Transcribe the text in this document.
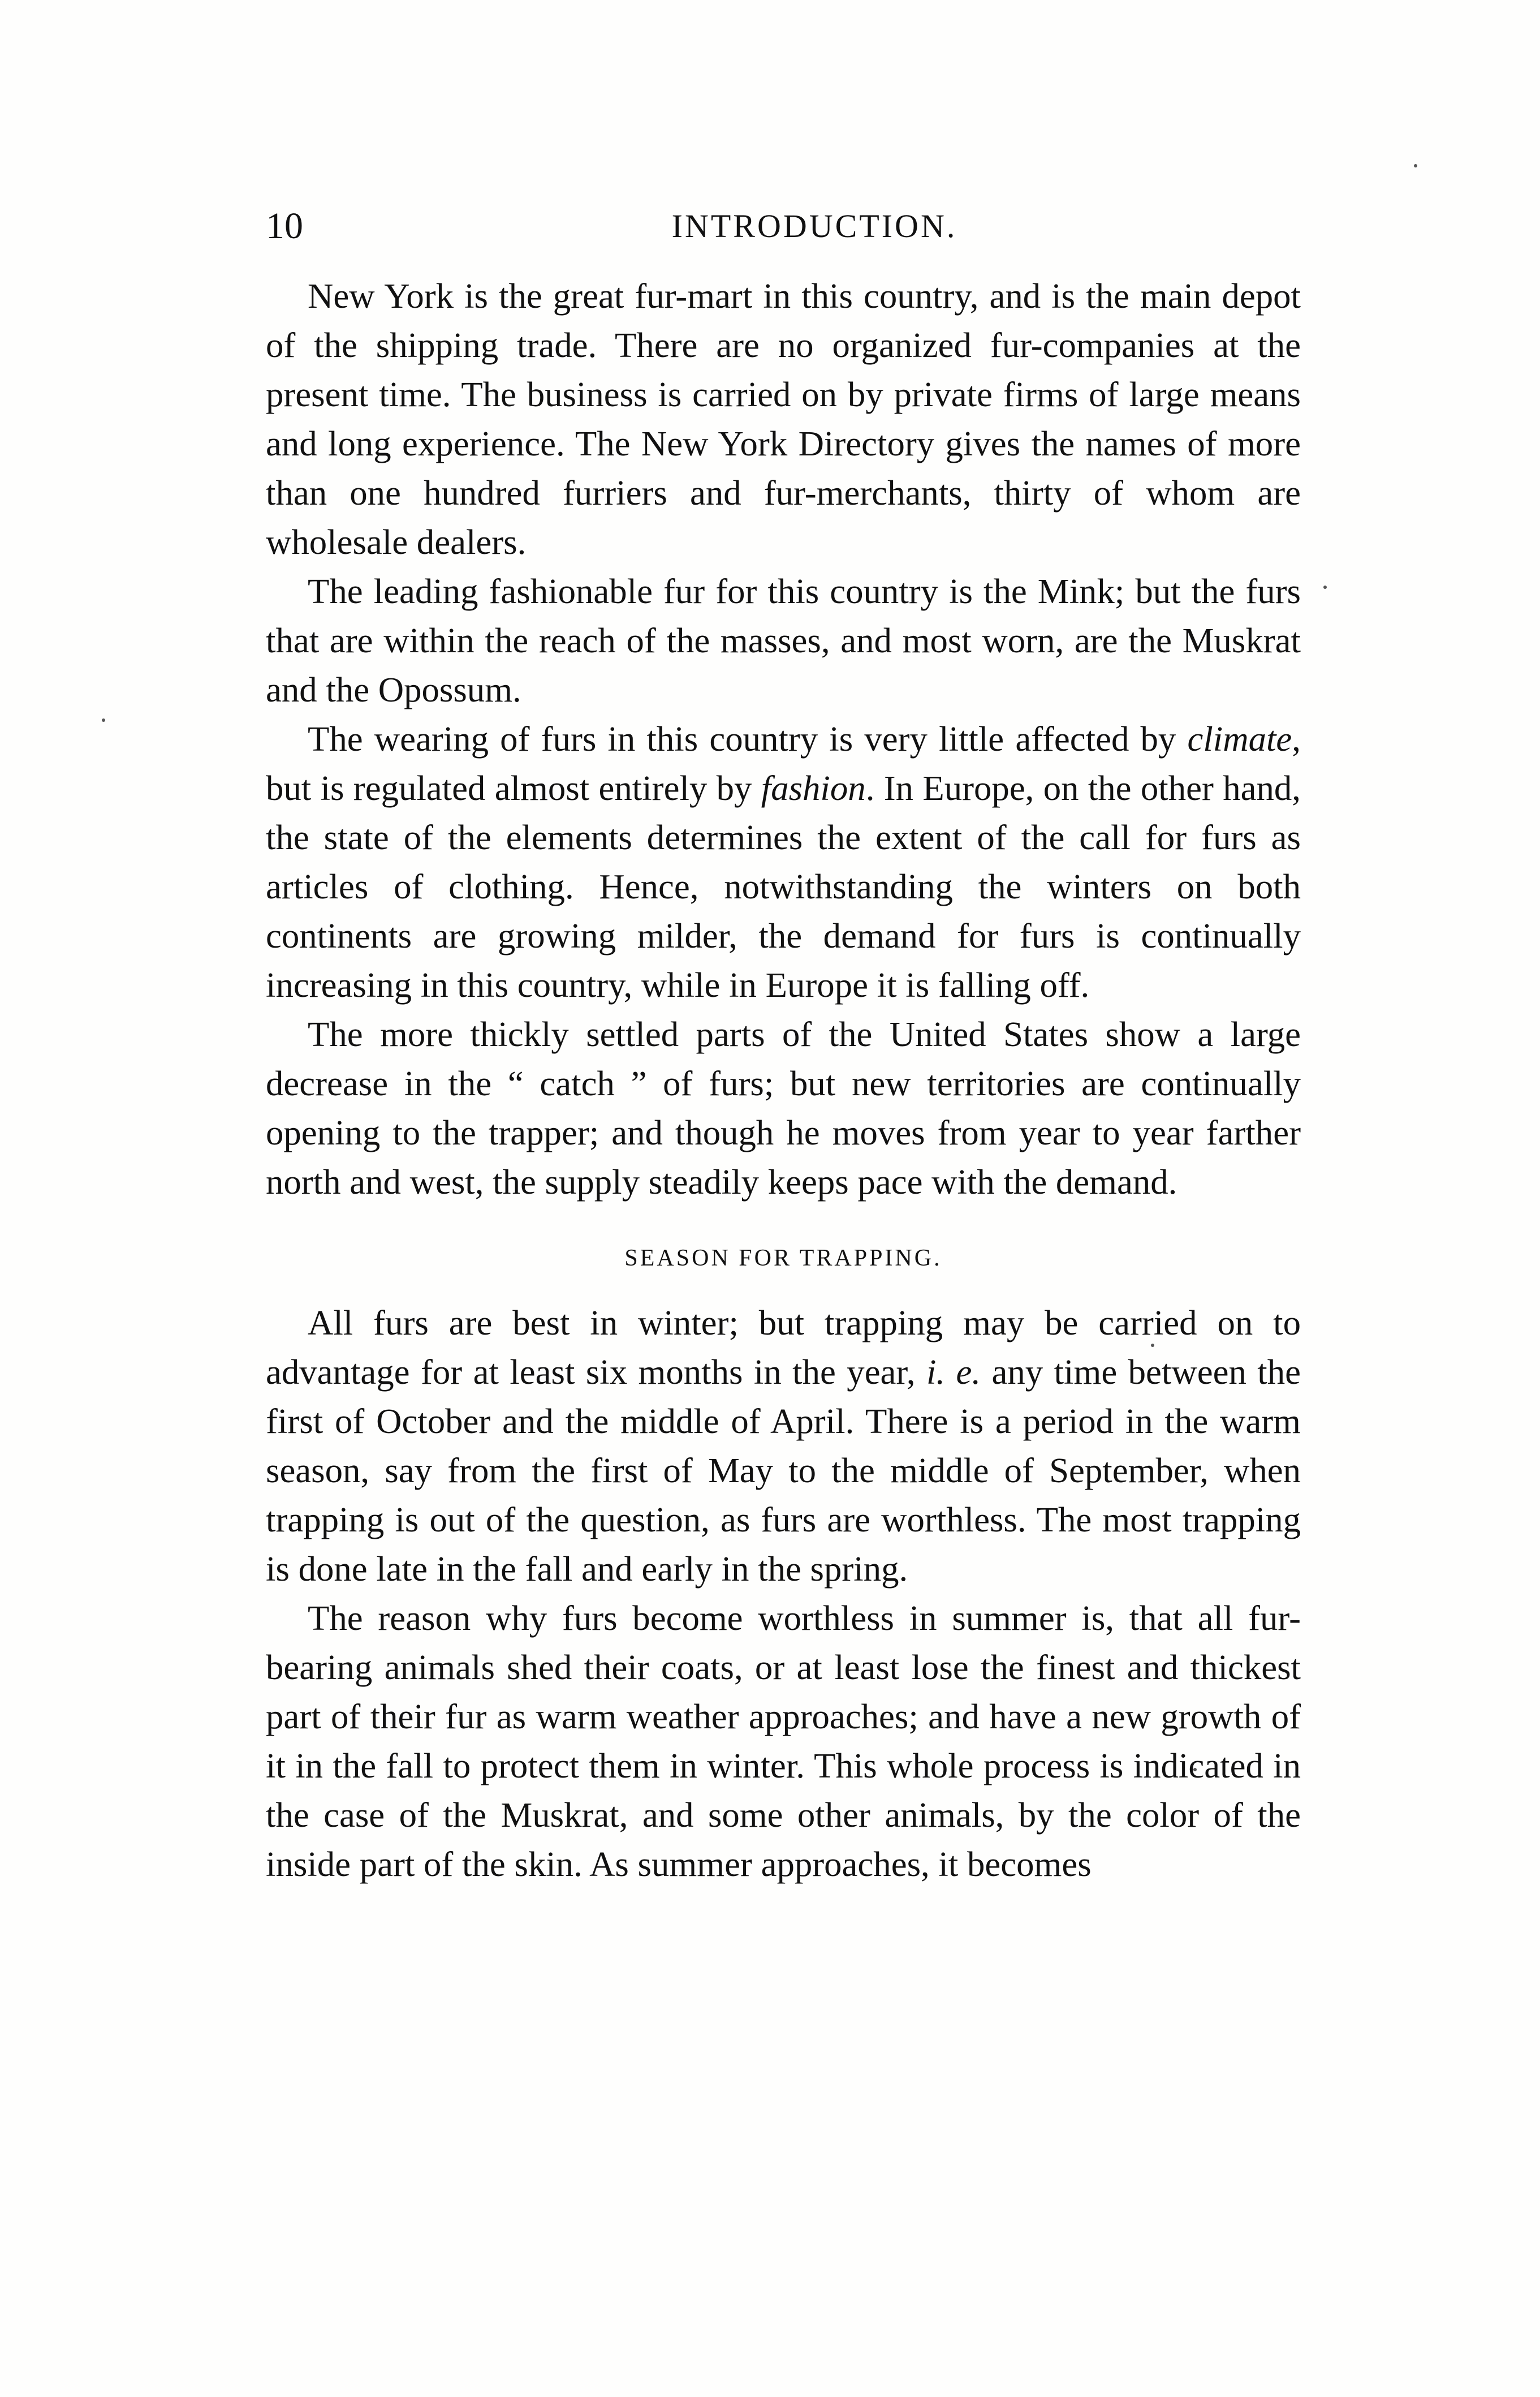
10	INTRODUCTION.

New York is the great fur-mart in this country, and is the main depot of the shipping trade. There are no organized fur-companies at the present time. The business is carried on by private firms of large means and long experience. The New York Directory gives the names of more than one hundred furriers and fur-merchants, thirty of whom are wholesale dealers.

The leading fashionable fur for this country is the Mink; but the furs that are within the reach of the masses, and most worn, are the Muskrat and the Opossum.

The wearing of furs in this country is very little affected by climate, but is regulated almost entirely by fashion. In Europe, on the other hand, the state of the elements determines the extent of the call for furs as articles of clothing. Hence, notwithstanding the winters on both continents are growing milder, the demand for furs is continually increasing in this country, while in Europe it is falling off.

The more thickly settled parts of the United States show a large decrease in the “ catch ” of furs; but new territories are continually opening to the trapper; and though he moves from year to year farther north and west, the supply steadily keeps pace with the demand.

SEASON FOR TRAPPING.

All furs are best in winter; but trapping may be carried on to advantage for at least six months in the year, i. e. any time between the first of October and the middle of April. There is a period in the warm season, say from the first of May to the middle of September, when trapping is out of the question, as furs are worthless. The most trapping is done late in the fall and early in the spring.

The reason why furs become worthless in summer is, that all fur-bearing animals shed their coats, or at least lose the finest and thickest part of their fur as warm weather approaches; and have a new growth of it in the fall to protect them in winter. This whole process is indicated in the case of the Muskrat, and some other animals, by the color of the inside part of the skin. As summer approaches, it becomes
